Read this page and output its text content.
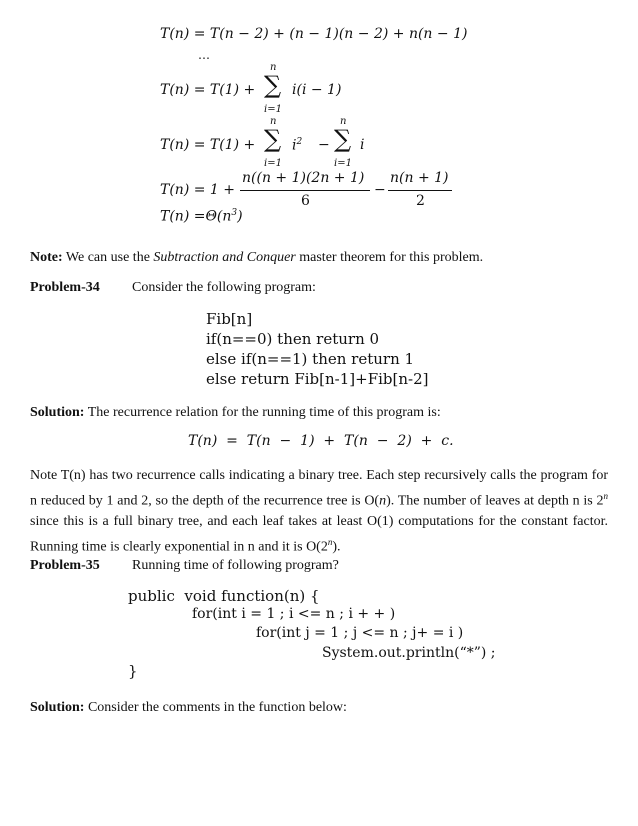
T(n) = T(n − 2) + (n − 1)(n − 2) + n(n − 1)
…
T(n) = T(1) +
n
∑
i=1
i(i − 1)
T(n) = T(1) +
n
∑
i=1
$i^2$ −
n
∑
i=1
i
T(n) = 1 +
n((n + 1)(2n + 1)
6
−
n(n + 1)
2
$T(n) =\Theta(n^3)$
Note: We can use the Subtraction and Conquer master theorem for this problem.
Problem-34 Consider the following program:
Fib[n]
if(n==0) then return 0
else if(n==1) then return 1
else return Fib[n-1]+Fib[n-2]
Solution: The recurrence relation for the running time of this program is:
T(n)  =  T(n  −  1)  +  T(n  −  2)  +  c.
Note T(n) has two recurrence calls indicating a binary tree. Each step recursively calls the program for n reduced by 1 and 2, so the depth of the recurrence tree is O(n). The number of leaves at depth n is 2$^n$ since this is a full binary tree, and each leaf takes at least O(1) computations for the constant factor. Running time is clearly exponential in n and it is O(2$^n$).
Problem-35 Running time of following program?
public  void function(n) {
for(int i = 1 ; i <= n ; i + + )
for(int j = 1 ; j <= n ; j+ = i )
System.out.println(“*”) ;
}
Solution: Consider the comments in the function below:
